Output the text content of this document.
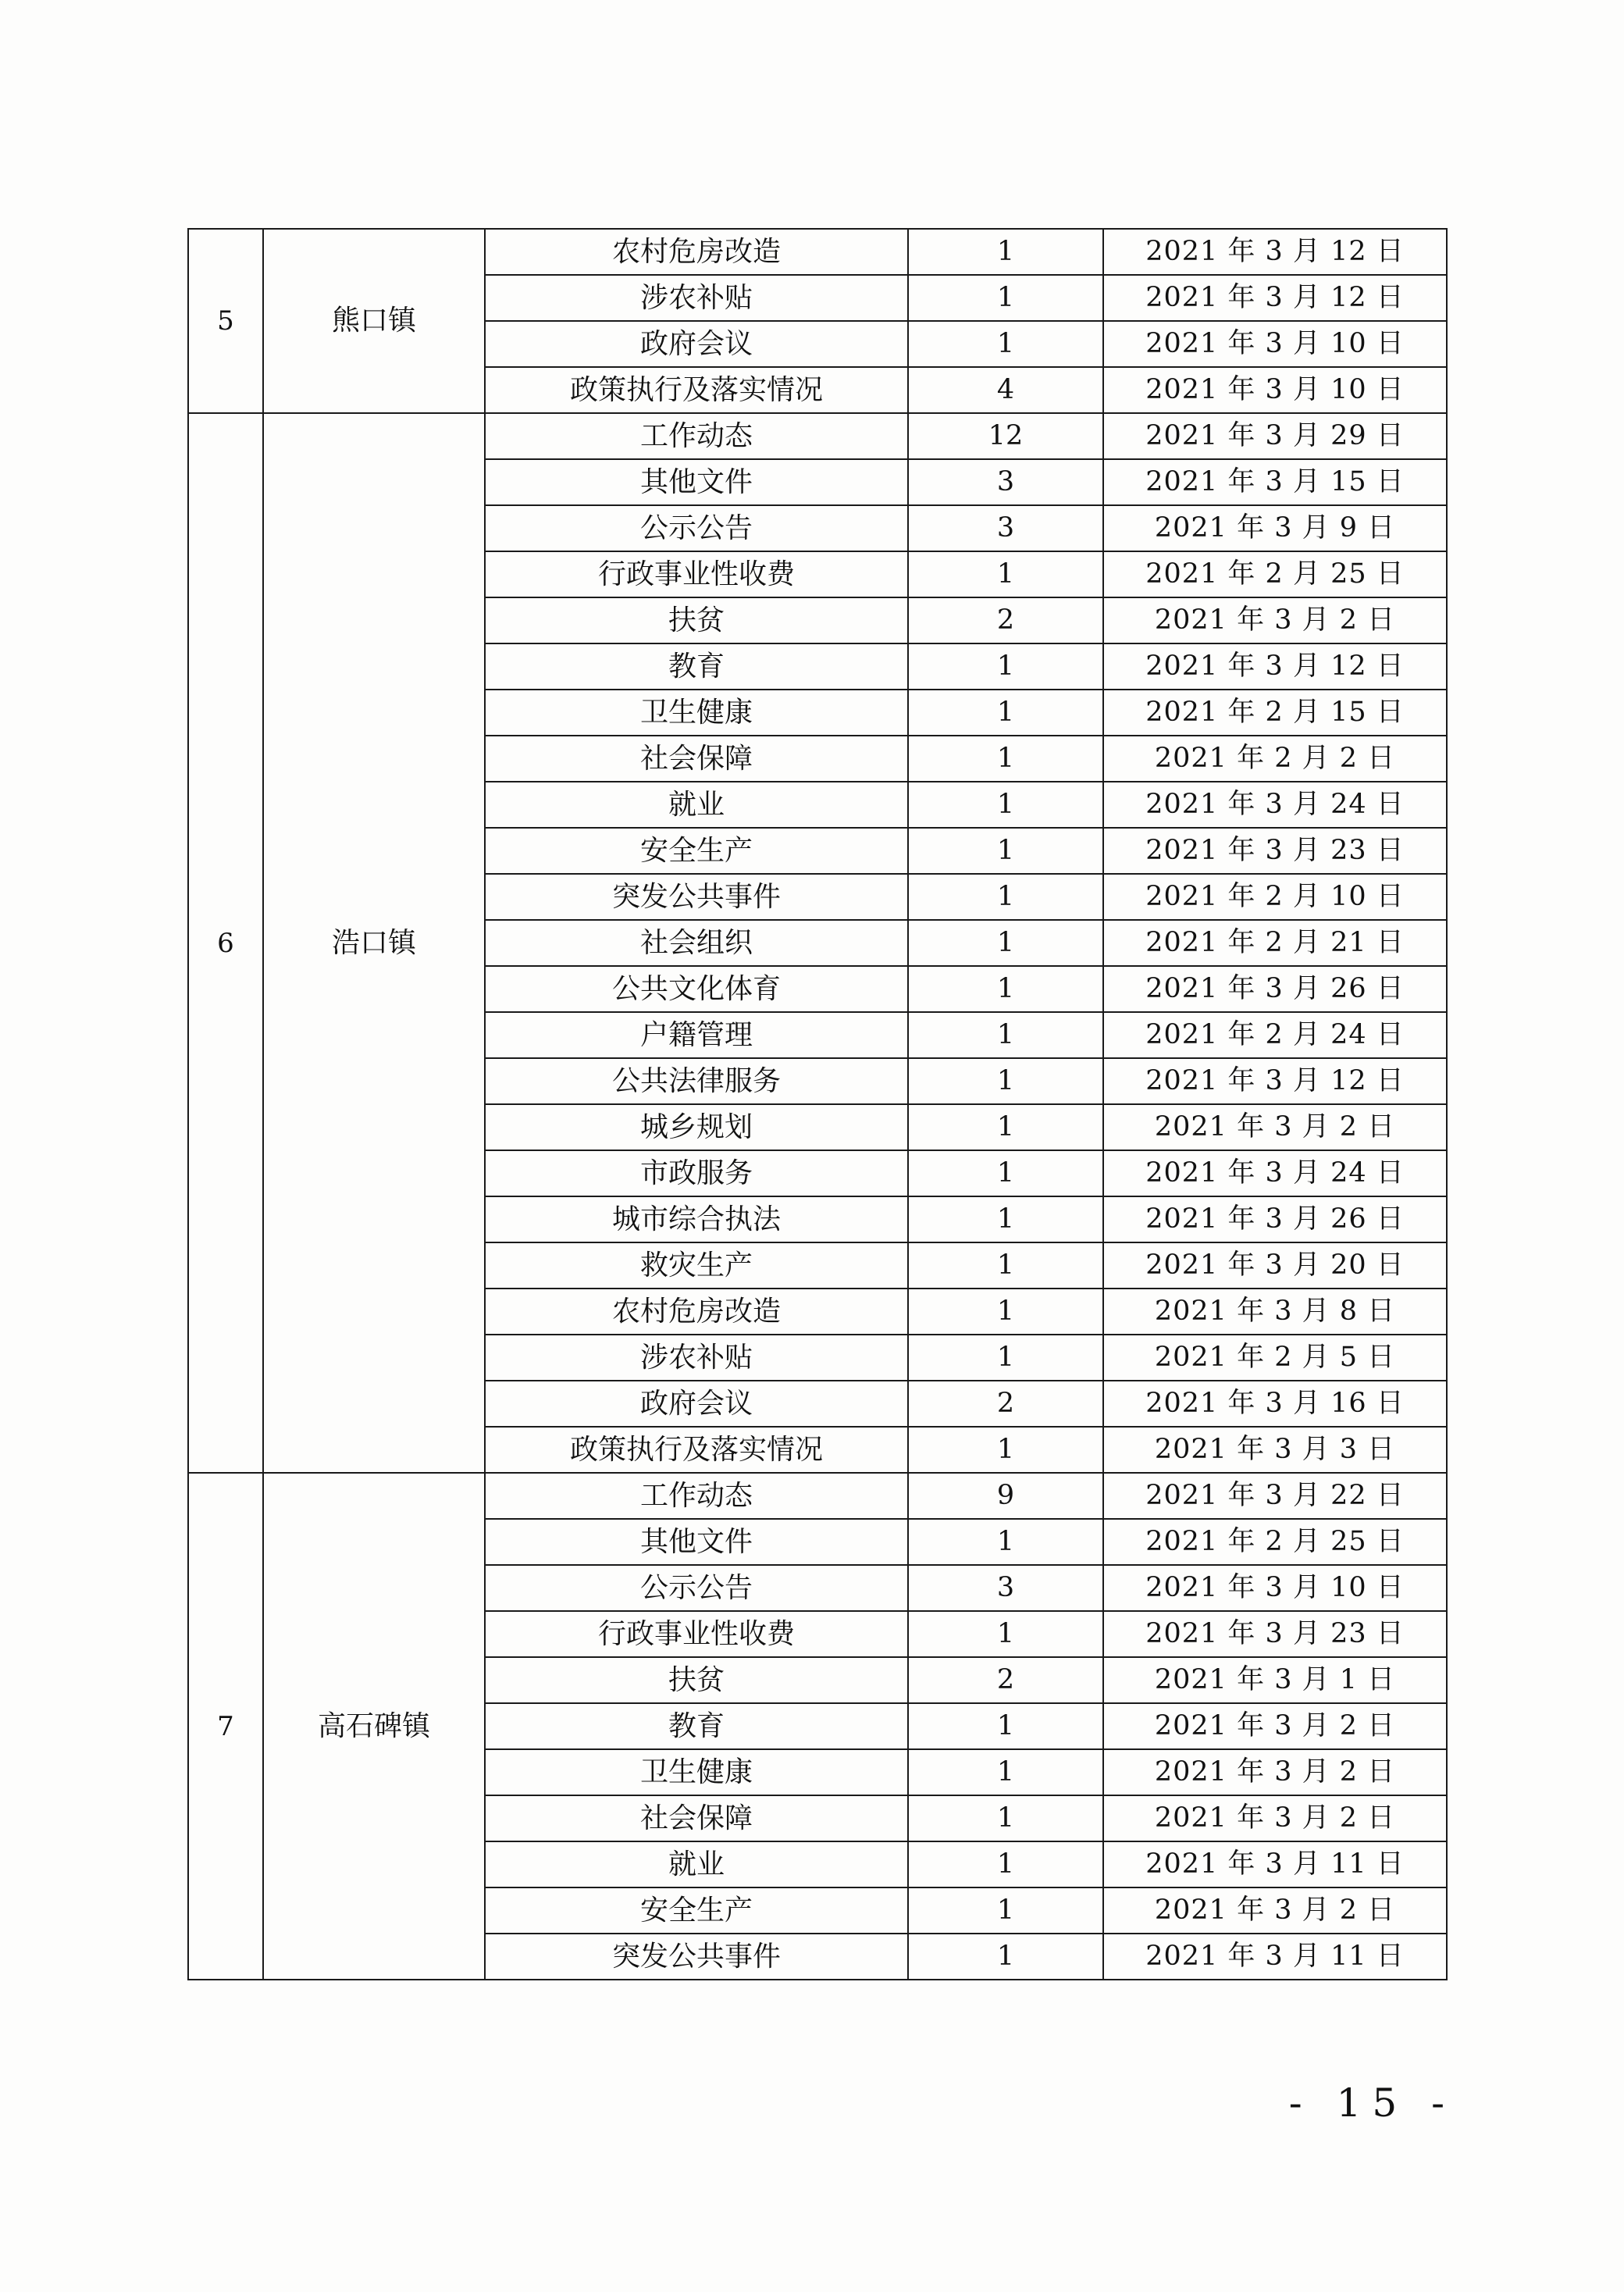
5	熊口镇	农村危房改造	1	2021 年 3 月 12 日
		涉农补贴	1	2021 年 3 月 12 日
		政府会议	1	2021 年 3 月 10 日
		政策执行及落实情况	4	2021 年 3 月 10 日
6	浩口镇	工作动态	12	2021 年 3 月 29 日
		其他文件	3	2021 年 3 月 15 日
		公示公告	3	2021 年 3 月 9 日
		行政事业性收费	1	2021 年 2 月 25 日
		扶贫	2	2021 年 3 月 2 日
		教育	1	2021 年 3 月 12 日
		卫生健康	1	2021 年 2 月 15 日
		社会保障	1	2021 年 2 月 2 日
		就业	1	2021 年 3 月 24 日
		安全生产	1	2021 年 3 月 23 日
		突发公共事件	1	2021 年 2 月 10 日
		社会组织	1	2021 年 2 月 21 日
		公共文化体育	1	2021 年 3 月 26 日
		户籍管理	1	2021 年 2 月 24 日
		公共法律服务	1	2021 年 3 月 12 日
		城乡规划	1	2021 年 3 月 2 日
		市政服务	1	2021 年 3 月 24 日
		城市综合执法	1	2021 年 3 月 26 日
		救灾生产	1	2021 年 3 月 20 日
		农村危房改造	1	2021 年 3 月 8 日
		涉农补贴	1	2021 年 2 月 5 日
		政府会议	2	2021 年 3 月 16 日
		政策执行及落实情况	1	2021 年 3 月 3 日
7	高石碑镇	工作动态	9	2021 年 3 月 22 日
		其他文件	1	2021 年 2 月 25 日
		公示公告	3	2021 年 3 月 10 日
		行政事业性收费	1	2021 年 3 月 23 日
		扶贫	2	2021 年 3 月 1 日
		教育	1	2021 年 3 月 2 日
		卫生健康	1	2021 年 3 月 2 日
		社会保障	1	2021 年 3 月 2 日
		就业	1	2021 年 3 月 11 日
		安全生产	1	2021 年 3 月 2 日
		突发公共事件	1	2021 年 3 月 11 日
- 15 -
